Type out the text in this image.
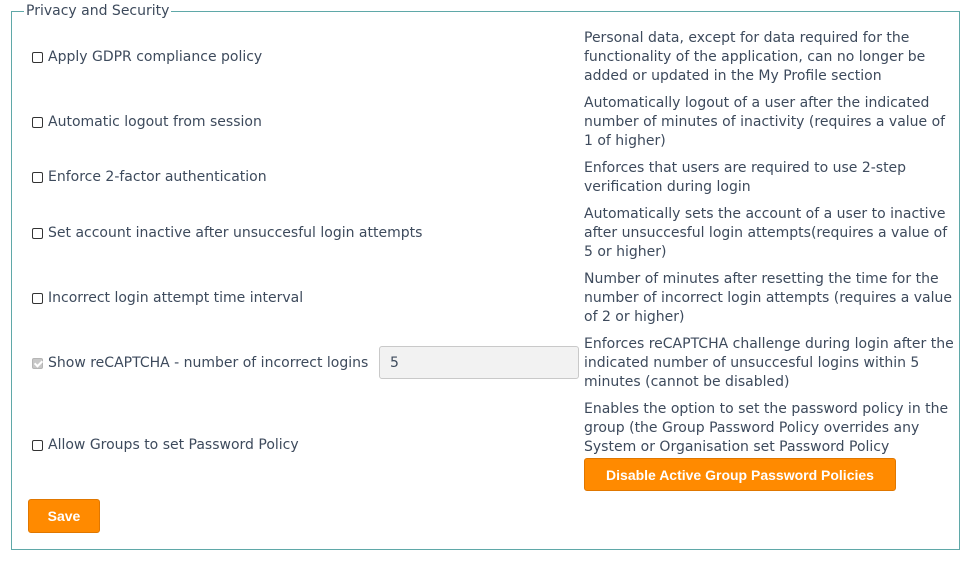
Privacy and Security
Apply GDPR compliance policy
Personal data, except for data required for the functionality of the application, can no longer be added or updated in the My Profile section
Automatic logout from session
Automatically logout of a user after the indicated number of minutes of inactivity (requires a value of 1 of higher)
Enforce 2-factor authentication
Enforces that users are required to use 2-step verification during login
Set account inactive after unsuccesful login attempts
Automatically sets the account of a user to inactive after unsuccesful login attempts(requires a value of 5 or higher)
Incorrect login attempt time interval
Number of minutes after resetting the time for the number of incorrect login attempts (requires a value of 2 or higher)
Show reCAPTCHA - number of incorrect logins
5
Enforces reCAPTCHA challenge during login after the indicated number of unsuccesful logins within 5 minutes (cannot be disabled)
Allow Groups to set Password Policy
Enables the option to set the password policy in the group (the Group Password Policy overrides any System or Organisation set Password Policy
Disable Active Group Password Policies
Save
